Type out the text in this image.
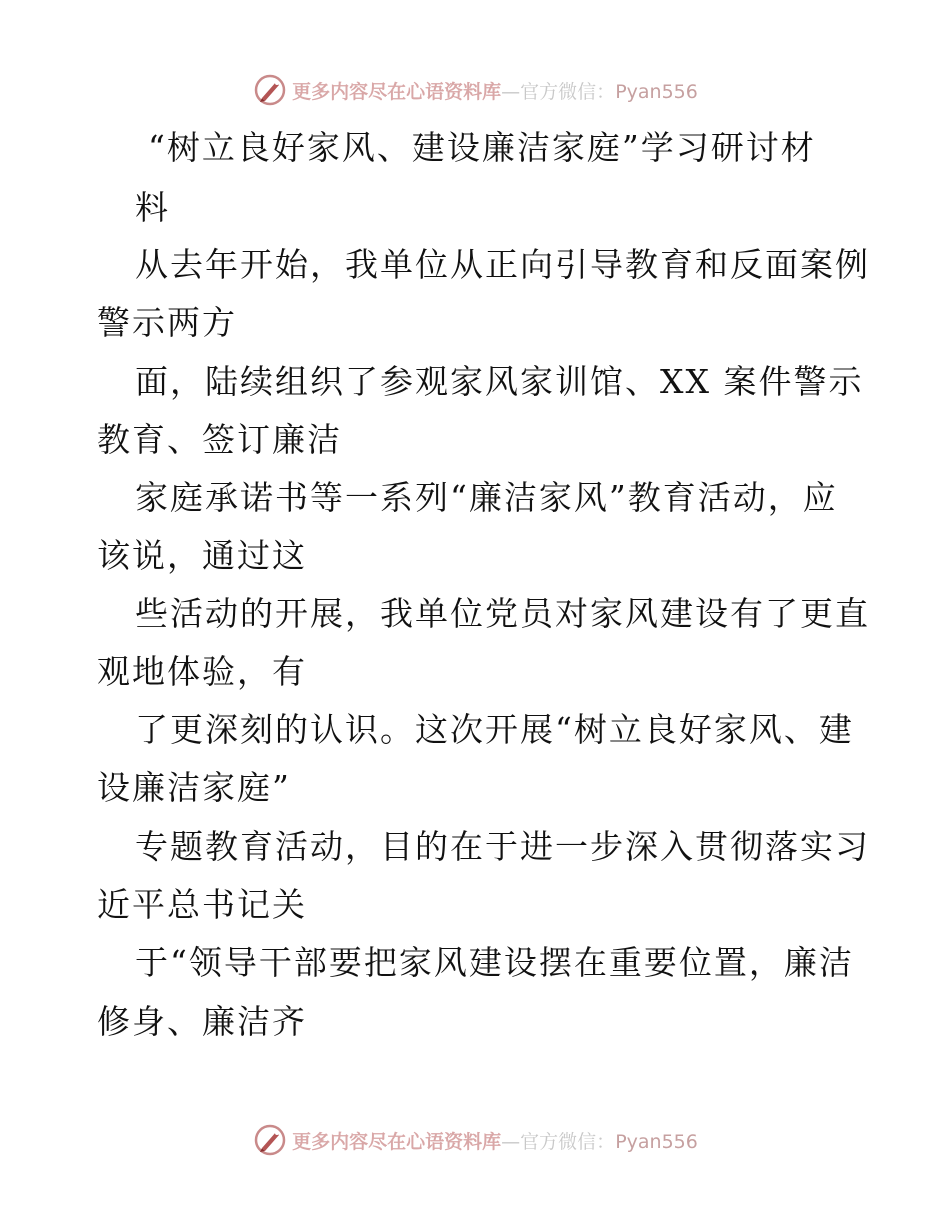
更多内容尽在心语资料库—官方微信：Pyan556
“树立良好家风、建设廉洁家庭”学习研讨材
料
从去年开始，我单位从正向引导教育和反面案例
警示两方
面，陆续组织了参观家风家训馆、XX 案件警示
教育、签订廉洁
家庭承诺书等一系列“廉洁家风”教育活动，应
该说，通过这
些活动的开展，我单位党员对家风建设有了更直
观地体验，有
了更深刻的认识。这次开展“树立良好家风、建
设廉洁家庭”
专题教育活动，目的在于进一步深入贯彻落实习
近平总书记关
于“领导干部要把家风建设摆在重要位置，廉洁
修身、廉洁齐
更多内容尽在心语资料库—官方微信：Pyan556
